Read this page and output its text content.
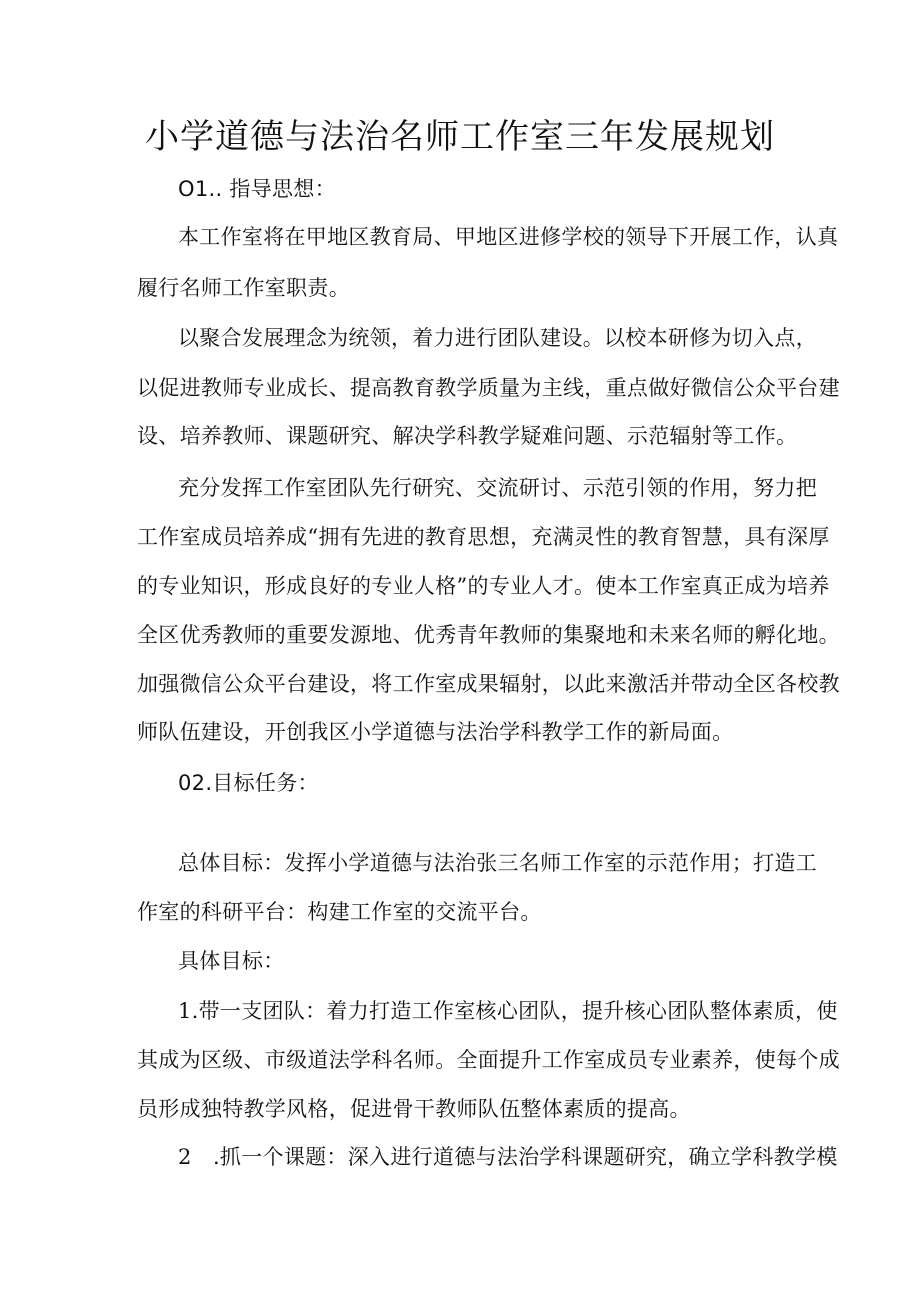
小学道德与法治名师工作室三年发展规划
O1.. 指导思想：
本工作室将在甲地区教育局、甲地区进修学校的领导下开展工作，认真
履行名师工作室职责。
以聚合发展理念为统领，着力进行团队建设。以校本研修为切入点，
以促进教师专业成长、提高教育教学质量为主线，重点做好微信公众平台建
设、培养教师、课题研究、解决学科教学疑难问题、示范辐射等工作。
充分发挥工作室团队先行研究、交流研讨、示范引领的作用，努力把
工作室成员培养成“拥有先进的教育思想，充满灵性的教育智慧，具有深厚
的专业知识，形成良好的专业人格”的专业人才。使本工作室真正成为培养
全区优秀教师的重要发源地、优秀青年教师的集聚地和未来名师的孵化地。
加强微信公众平台建设，将工作室成果辐射，以此来激活并带动全区各校教
师队伍建设，开创我区小学道德与法治学科教学工作的新局面。
02.目标任务：
总体目标：发挥小学道德与法治张三名师工作室的示范作用；打造工
作室的科研平台：构建工作室的交流平台。
具体目标：
1.带一支团队：着力打造工作室核心团队，提升核心团队整体素质，使
其成为区级、市级道法学科名师。全面提升工作室成员专业素养，使每个成
员形成独特教学风格，促进骨干教师队伍整体素质的提高。
2　.抓一个课题：深入进行道德与法治学科课题研究，确立学科教学模
